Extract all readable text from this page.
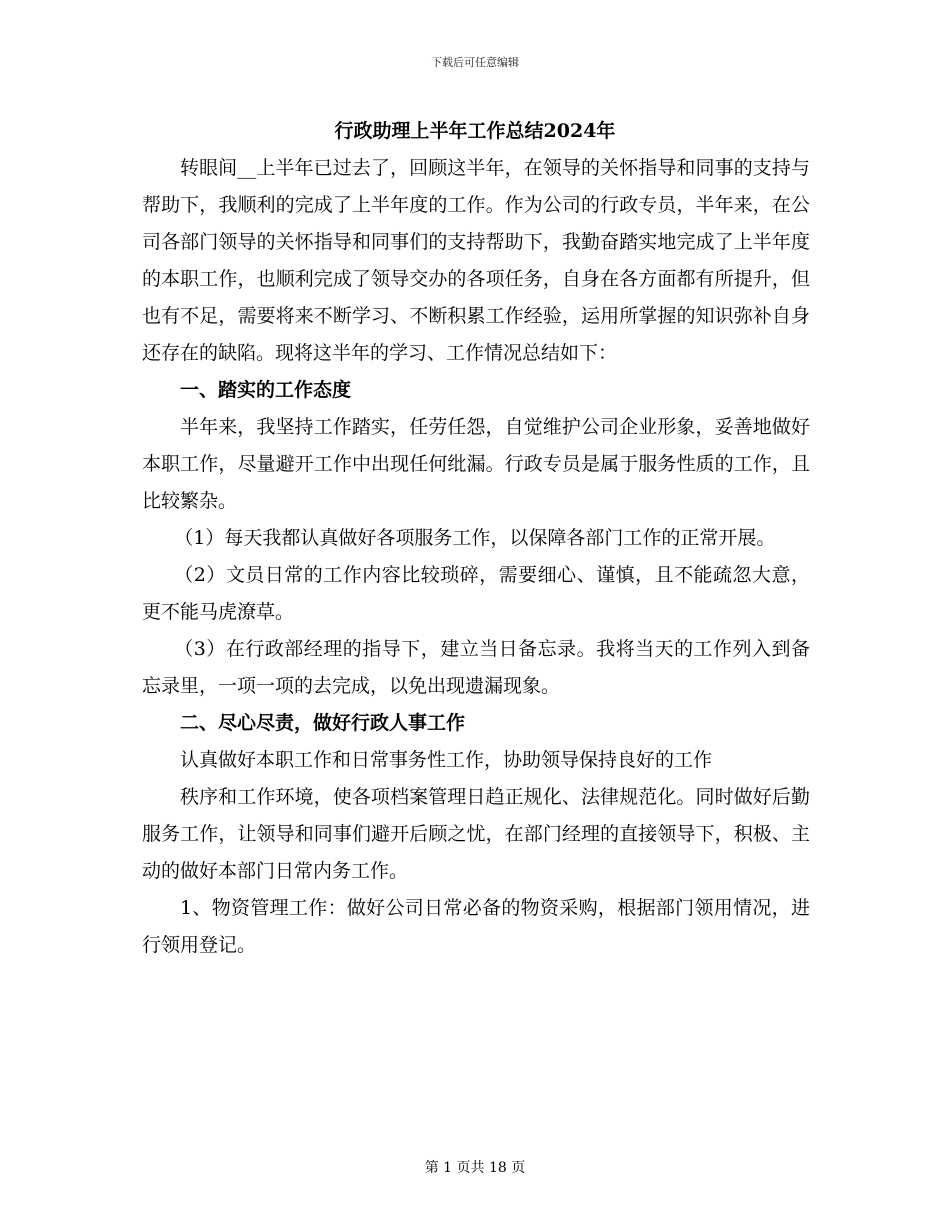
下载后可任意编辑
行政助理上半年工作总结2024年

转眼间__上半年已过去了，回顾这半年，在领导的关怀指导和同事的支持与帮助下，我顺利的完成了上半年度的工作。作为公司的行政专员，半年来，在公司各部门领导的关怀指导和同事们的支持帮助下，我勤奋踏实地完成了上半年度的本职工作，也顺利完成了领导交办的各项任务，自身在各方面都有所提升，但也有不足，需要将来不断学习、不断积累工作经验，运用所掌握的知识弥补自身还存在的缺陷。现将这半年的学习、工作情况总结如下：

一、踏实的工作态度

半年来，我坚持工作踏实，任劳任怨，自觉维护公司企业形象，妥善地做好本职工作，尽量避开工作中出现任何纰漏。行政专员是属于服务性质的工作，且比较繁杂。

（1）每天我都认真做好各项服务工作，以保障各部门工作的正常开展。

（2）文员日常的工作内容比较琐碎，需要细心、谨慎，且不能疏忽大意，更不能马虎潦草。

（3）在行政部经理的指导下，建立当日备忘录。我将当天的工作列入到备忘录里，一项一项的去完成，以免出现遗漏现象。

二、尽心尽责，做好行政人事工作

认真做好本职工作和日常事务性工作，协助领导保持良好的工作

秩序和工作环境，使各项档案管理日趋正规化、法律规范化。同时做好后勤服务工作，让领导和同事们避开后顾之忧，在部门经理的直接领导下，积极、主动的做好本部门日常内务工作。

1、物资管理工作：做好公司日常必备的物资采购，根据部门领用情况，进行领用登记。

第 1 页共 18 页
